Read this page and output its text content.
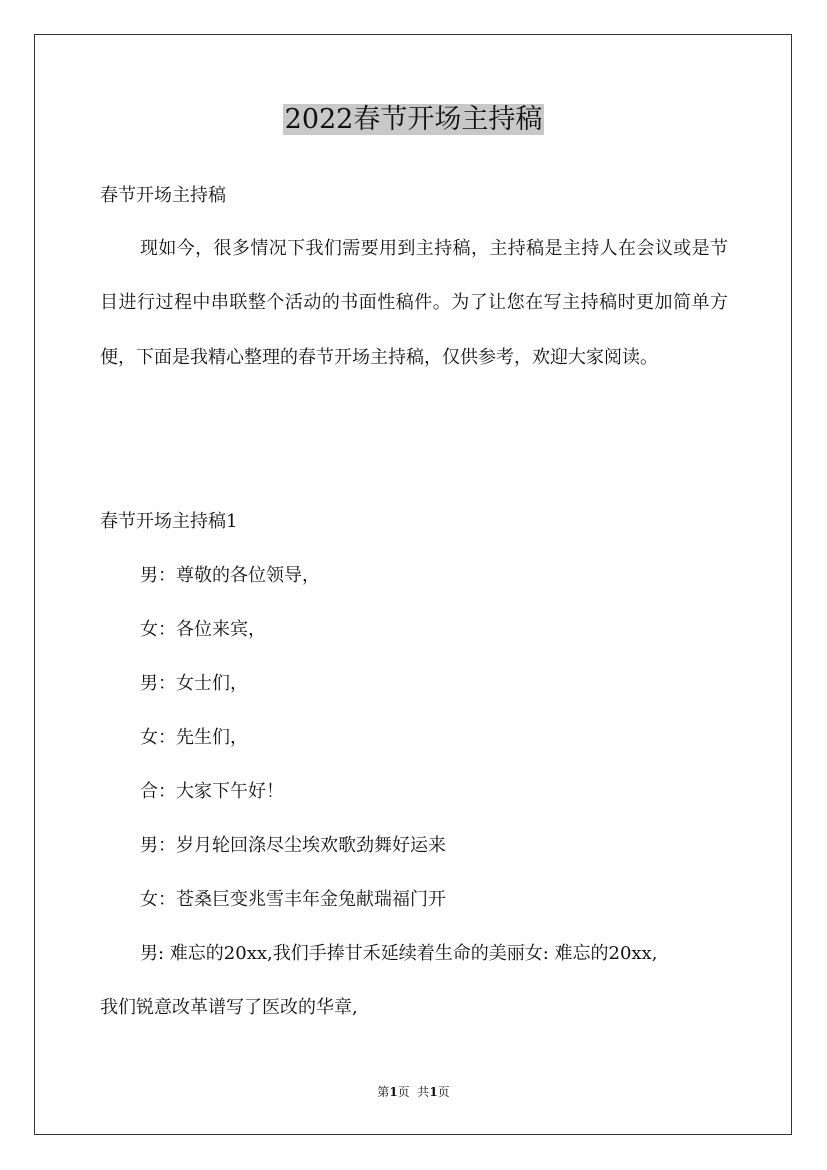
2022春节开场主持稿
春节开场主持稿
现如今，很多情况下我们需要用到主持稿，主持稿是主持人在会议或是节目进行过程中串联整个活动的书面性稿件。为了让您在写主持稿时更加简单方便，下面是我精心整理的春节开场主持稿，仅供参考，欢迎大家阅读。
春节开场主持稿1
男：尊敬的各位领导，
女：各位来宾，
男：女士们，
女：先生们，
合：大家下午好！
男：岁月轮回涤尽尘埃欢歌劲舞好运来
女：苍桑巨变兆雪丰年金兔献瑞福门开
男: 难忘的20xx,我们手捧甘禾延续着生命的美丽女: 难忘的20xx,
我们锐意改革谱写了医改的华章,
第1页  共1页
